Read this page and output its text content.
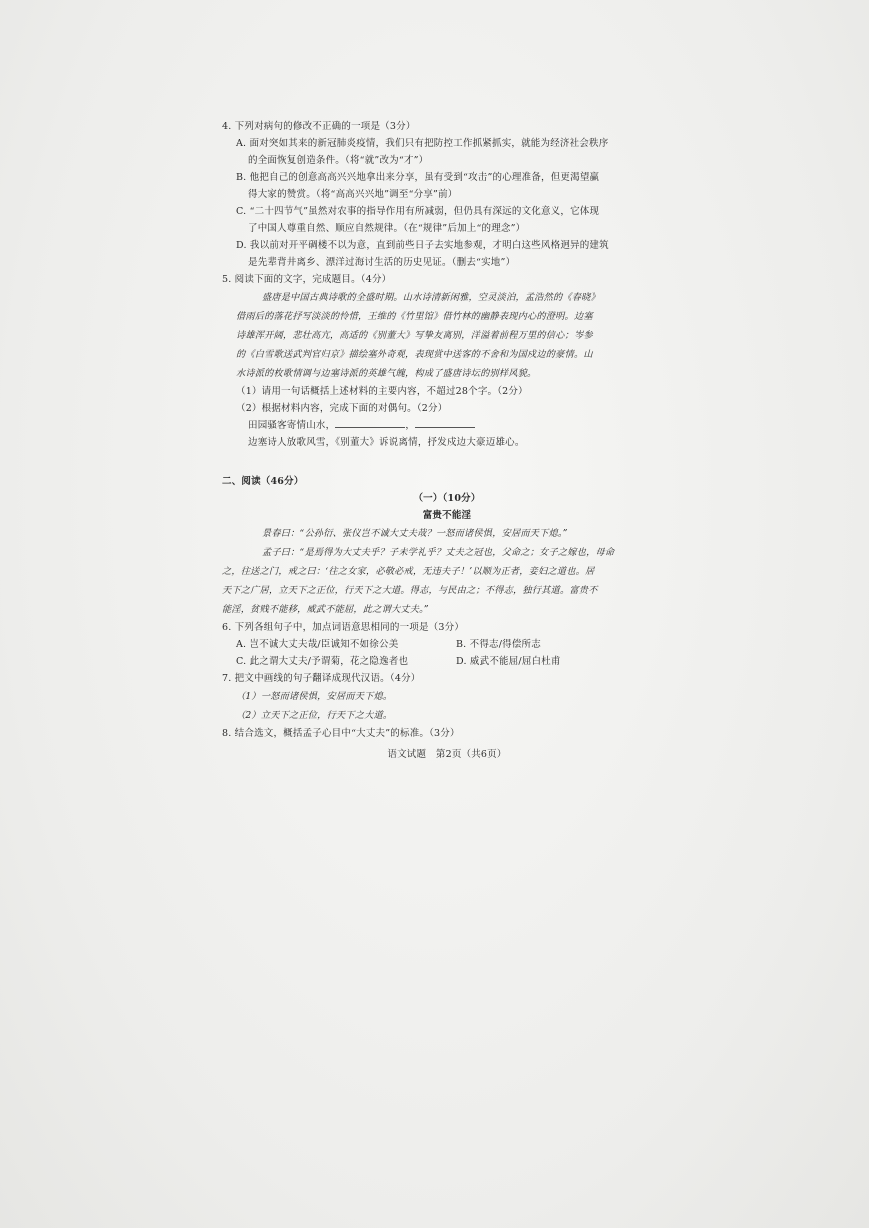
4. 下列对病句的修改不正确的一项是（3分）
A. 面对突如其来的新冠肺炎疫情，我们只有把防控工作抓紧抓实，就能为经济社会秩序
的全面恢复创造条件。（将“就”改为“才”）
B. 他把自己的创意高高兴兴地拿出来分享，虽有受到“攻击”的心理准备，但更渴望赢
得大家的赞赏。（将“高高兴兴地”调至“分享”前）
C. “二十四节气”虽然对农事的指导作用有所减弱，但仍具有深远的文化意义，它体现
了中国人尊重自然、顺应自然规律。（在“规律”后加上“的理念”）
D. 我以前对开平碉楼不以为意，直到前些日子去实地参观，才明白这些风格迥异的建筑
是先辈背井离乡、漂洋过海讨生活的历史见证。（删去“实地”）
5. 阅读下面的文字，完成题目。（4分）
盛唐是中国古典诗歌的全盛时期。山水诗清新闲雅，空灵淡泊，孟浩然的《春晓》
借雨后的落花抒写淡淡的怜惜，王维的《竹里馆》借竹林的幽静表现内心的澄明。边塞
诗雄浑开阔，悲壮高亢，高适的《别董大》写挚友离别，洋溢着前程万里的信心；岑参
的《白雪歌送武判官归京》描绘塞外奇观，表现赏中送客的不舍和为国戍边的豪情。山
水诗派的枚歌情调与边塞诗派的英雄气魄，构成了盛唐诗坛的别样风貌。
（1）请用一句话概括上述材料的主要内容，不超过28个字。（2分）
（2）根据材料内容，完成下面的对偶句。（2分）
田园骚客寄情山水，	，
边塞诗人放歌风雪，《别董大》诉说离情，抒发戍边大豪迈雄心。
二、阅读（46分）
（一）（10分）
富贵不能淫
景春曰：“公孙衍、张仪岂不诚大丈夫哉？一怒而诸侯惧，安居而天下熄。”
孟子曰：“是焉得为大丈夫乎？子未学礼乎？丈夫之冠也，父命之；女子之嫁也，母命
之，往送之门，戒之曰：‘往之女家，必敬必戒，无违夫子！’以顺为正者，妾妇之道也。居
天下之广居，立天下之正位，行天下之大道。得志，与民由之；不得志，独行其道。富贵不
能淫，贫贱不能移，威武不能屈，此之谓大丈夫。”
6. 下列各组句子中，加点词语意思相同的一项是（3分）
A. 岂不诚大丈夫哉/臣诚知不如徐公美	B. 不得志/得偿所志
C. 此之谓大丈夫/予谓菊，花之隐逸者也	D. 威武不能屈/屈白杜甫
7. 把文中画线的句子翻译成现代汉语。（4分）
（1）一怒而诸侯惧，安居而天下熄。
（2）立天下之正位，行天下之大道。
8. 结合选文，概括孟子心目中“大丈夫”的标准。（3分）
语文试题　第2页（共6页）
